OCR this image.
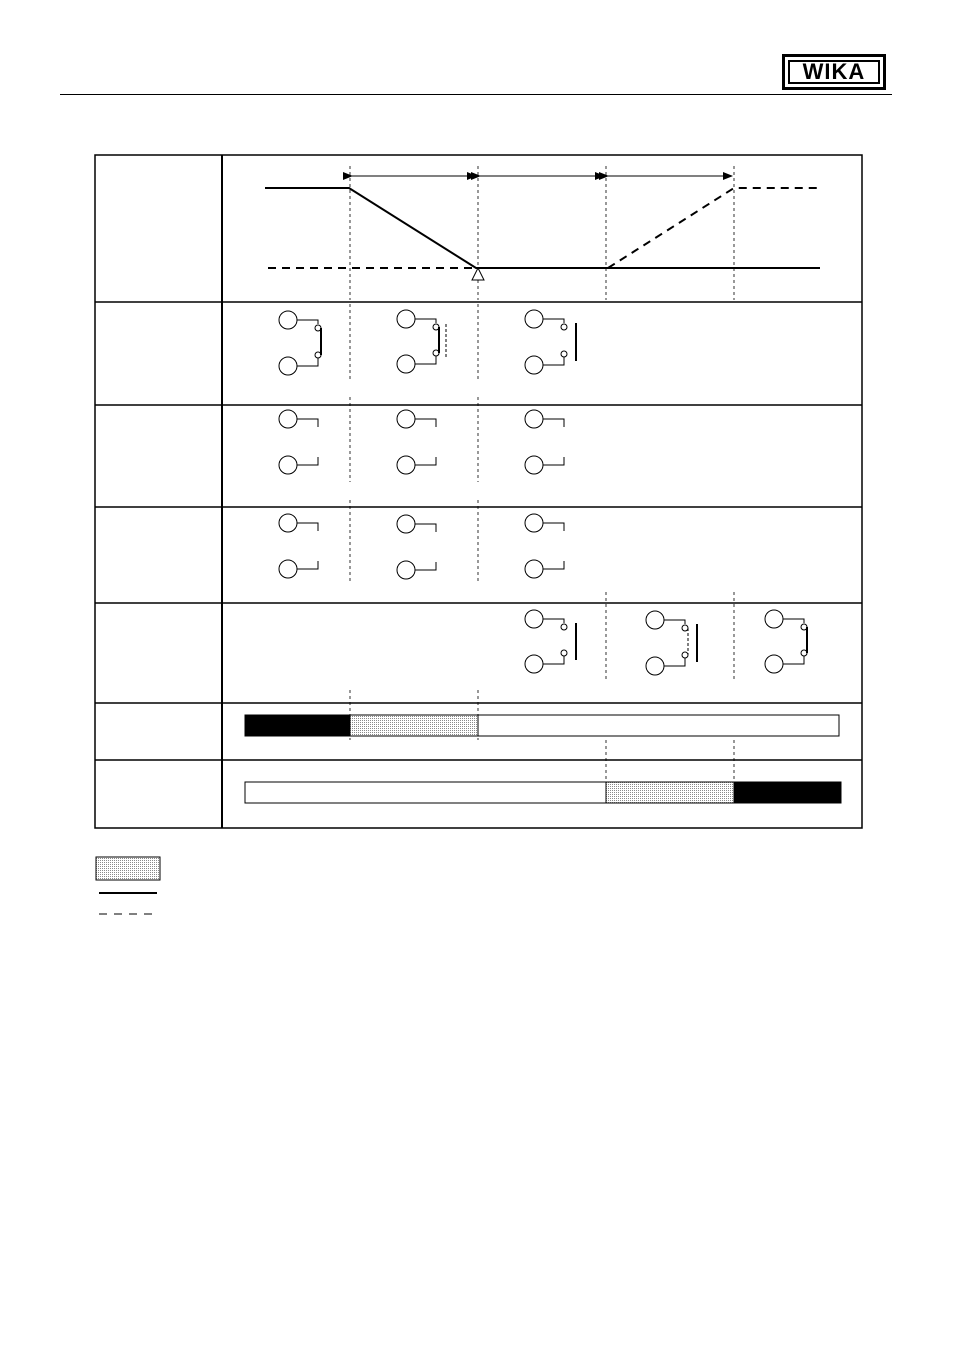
WIKA
